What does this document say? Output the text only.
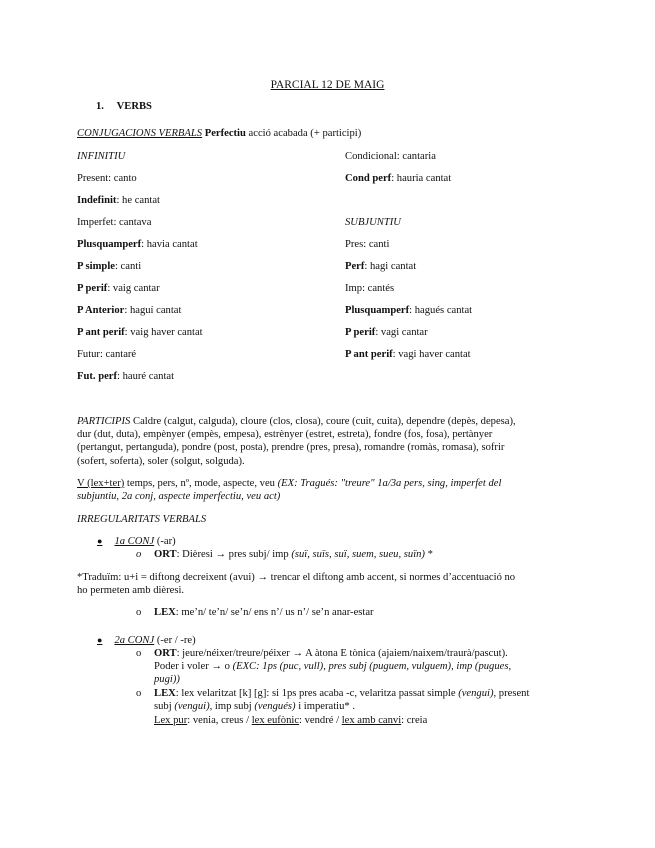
PARCIAL 12 DE MAIG
1. VERBS
CONJUGACIONS VERBALS Perfectiu acció acabada (+ participi)
INFINITIU
Present: canto
Indefinit: he cantat
Imperfet: cantava
Plusquamperf: havia cantat
P simple: canti
P perif: vaig cantar
P Anterior: haguí cantat
P ant perif: vaig haver cantat
Futur: cantaré
Fut. perf: hauré cantat
Condicional: cantaria
Cond perf: hauria cantat
SUBJUNTIU
Pres: canti
Perf: hagi cantat
Imp: cantés
Plusquamperf: hagués cantat
P perif: vagi cantar
P ant perif: vagi haver cantat
PARTICIPIS Caldre (calgut, calguda), cloure (clos, closa), coure (cuit, cuita), dependre (depès, depesa),
dur (dut, duta), empènyer (empès, empesa), estrènyer (estret, estreta), fondre (fos, fosa), pertànyer
(pertangut, pertanguda), pondre (post, posta), prendre (pres, presa), romandre (romàs, romasa), sofrir
(sofert, soferta), soler (solgut, solguda).
V (lex+ter) temps, pers, nº, mode, aspecte, veu (EX: Tragués: "treure" 1a/3a pers, sing, imperfet del
subjuntiu, 2a conj, aspecte imperfectiu, veu act)
IRREGULARITATS VERBALS
● 1a CONJ (-ar)
o ORT: Dièresi → pres subj/ imp (suï, suïs, suï, suem, sueu, suïn) *
*Traduïm: u+i = diftong decreixent (avui) → trencar el diftong amb accent, si normes d’accentuació no
ho permeten amb dièresi.
o LEX: me’n/ te’n/ se’n/ ens n’/ us n’/ se’n anar-estar
● 2a CONJ (-er / -re)
o ORT: jeure/néixer/treure/péixer → A àtona E tònica (ajaiem/naixem/traurà/pascut).
Poder i voler → o (EXC: 1ps (puc, vull), pres subj (puguem, vulguem), imp (pugues,
pugi))
o LEX: lex velaritzat [k] [g]: si 1ps pres acaba -c, velaritza passat simple (vengui), present
subj (vengui), imp subj (vengués) i imperatiu* .
Lex pur: venia, creus / lex eufònic: vendré / lex amb canvi: creia
